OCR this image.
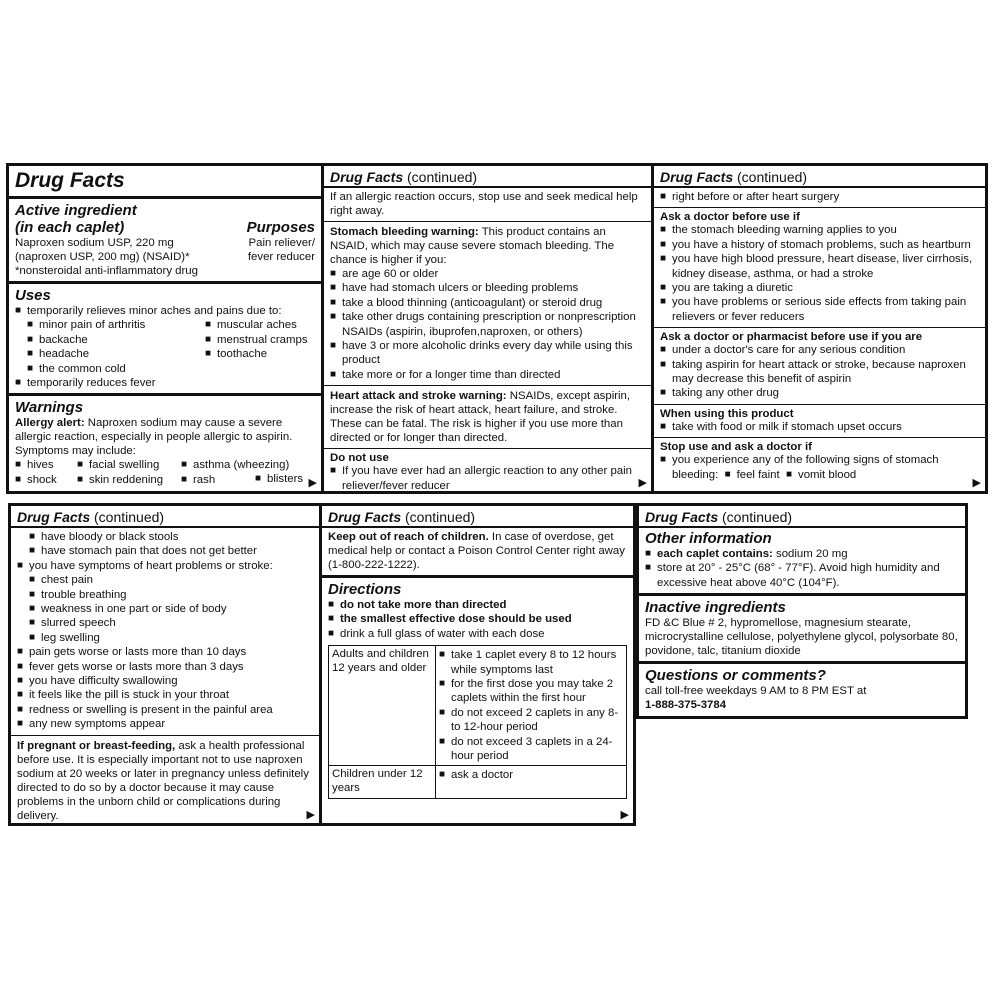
Drug Facts
Active ingredient
(in each caplet)	Purposes
Naproxen sodium USP, 220 mg	Pain reliever/
(naproxen USP, 200 mg) (NSAID)*	fever reducer
*nonsteroidal anti-inflammatory drug
Uses
■ temporarily relieves minor aches and pains due to:
■ minor pain of arthritis
■ backache
■ headache
■ the common cold
■ muscular aches
■ menstrual cramps
■ toothache
■ temporarily reduces fever
Warnings
Allergy alert: Naproxen sodium may cause a severe allergic reaction, especially in people allergic to aspirin. Symptoms may include:
■ hives
■ shock
■ facial swelling
■ skin reddening
■ asthma (wheezing)
■ rash
■	blisters ▶
Drug Facts (continued)
If an allergic reaction occurs, stop use and seek medical help right away.
Stomach bleeding warning: This product contains an NSAID, which may cause severe stomach bleeding. The chance is higher if you:
■ are age 60 or older
■ have had stomach ulcers or bleeding problems
■ take a blood thinning (anticoagulant) or steroid drug
■ take other drugs containing prescription or nonprescription NSAIDs (aspirin, ibuprofen,naproxen, or others)
■ have 3 or more alcoholic drinks every day while using this product
■ take more or for a longer time than directed
Heart attack and stroke warning: NSAIDs, except aspirin, increase the risk of heart attack, heart failure, and stroke. These can be fatal. The risk is higher if you use more than directed or for longer than directed.
Do not use
■ If you have ever had an allergic reaction to any other pain reliever/fever reducer	▶
Drug Facts (continued)
■ right before or after heart surgery
Ask a doctor before use if
■ the stomach bleeding warning applies to you
■ you have a history of stomach problems, such as heartburn
■ you have high blood pressure, heart disease, liver cirrhosis, kidney disease, asthma, or had a stroke
■ you are taking a diuretic
■ you have problems or serious side effects from taking pain relievers or fever reducers
Ask a doctor or pharmacist before use if you are
■ under a doctor's care for any serious condition
■ taking aspirin for heart attack or stroke, because naproxen may decrease this benefit of aspirin
■ taking any other drug
When using this product
■ take with food or milk if stomach upset occurs
Stop use and ask a doctor if
■ you experience any of the following signs of stomach bleeding: ■ feel faint ■ vomit blood
▶
Drug Facts (continued)
■ have bloody or black stools
■ have stomach pain that does not get better
■ you have symptoms of heart problems or stroke:
■ chest pain
■ trouble breathing
■ weakness in one part or side of body
■ slurred speech
■ leg swelling
■ pain gets worse or lasts more than 10 days
■ fever gets worse or lasts more than 3 days
■ you have difficulty swallowing
■ it feels like the pill is stuck in your throat
■ redness or swelling is present in the painful area
■ any new symptoms appear
If pregnant or breast-feeding, ask a health professional before use. It is especially important not to use naproxen sodium at 20 weeks or later in pregnancy unless definitely directed to do so by a doctor because it may cause problems in the unborn child or complications during delivery.	▶
Drug Facts (continued)
Keep out of reach of children. In case of overdose, get medical help or contact a Poison Control Center right away (1-800-222-1222).
Directions
■ do not take more than directed
■ the smallest effective dose should be used
■ drink a full glass of water with each dose
Adults and children 12 years and older	
■ take 1 caplet every 8 to 12 hours while symptoms last
■ for the first dose you may take 2 caplets within the first hour
■ do not exceed 2 caplets in any 8- to 12-hour period
■ do not exceed 3 caplets in a 24-hour period

Children under 12 years	
■ ask a doctor
▶
Drug Facts (continued)
Other information
■ each caplet contains: sodium 20 mg
■ store at 20° - 25°C (68° - 77°F). Avoid high humidity and excessive heat above 40°C (104°F).
Inactive ingredients
FD &C Blue # 2, hypromellose, magnesium stearate, microcrystalline cellulose, polyethylene glycol, polysorbate 80, povidone, talc, titanium dioxide
Questions or comments?
call toll-free weekdays 9 AM to 8 PM EST at
1-888-375-3784
